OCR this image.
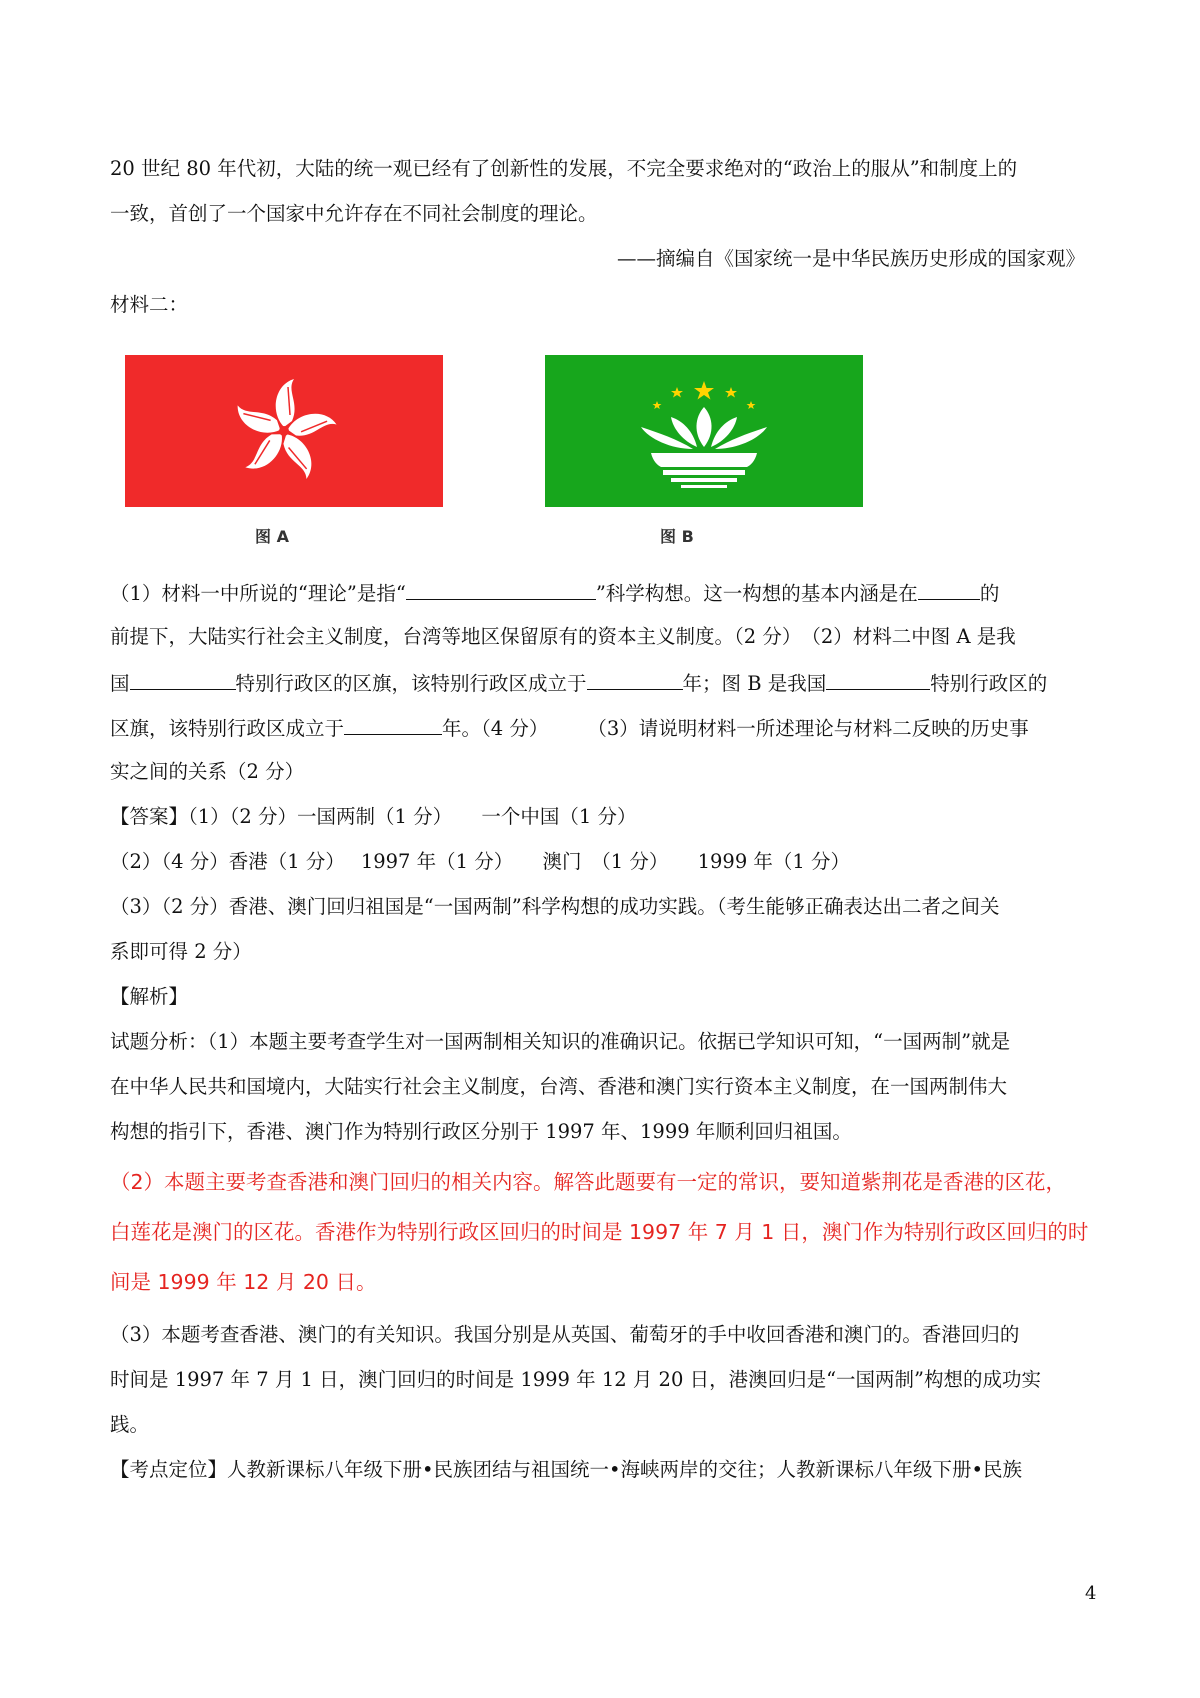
20 世纪 80 年代初，大陆的统一观已经有了创新性的发展，不完全要求绝对的“政治上的服从”和制度上的
一致，首创了一个国家中允许存在不同社会制度的理论。
——摘编自《国家统一是中华民族历史形成的国家观》
材料二：
图 A	图 B
（1）材料一中所说的“理论”是指“	”科学构想。这一构想的基本内涵是在	的
前提下，大陆实行社会主义制度，台湾等地区保留原有的资本主义制度。（2 分）　（2）材料二中图 A 是我
国	特别行政区的区旗，该特别行政区成立于	年；图 B 是我国	特别行政区的
区旗，该特别行政区成立于	年。（4 分）　　　（3）请说明材料一所述理论与材料二反映的历史事
实之间的关系（2 分）
【答案】（1）（2 分）一国两制（1 分）　　一个中国（1 分）
（2）（4 分）香港（1 分）　 1997 年（1 分）　　澳门　（1 分）　　1999 年（1 分）
（3）（2 分）香港、澳门回归祖国是“一国两制”科学构想的成功实践。（考生能够正确表达出二者之间关
系即可得 2 分）
【解析】
试题分析：（1）本题主要考查学生对一国两制相关知识的准确识记。依据已学知识可知，“一国两制”就是
在中华人民共和国境内，大陆实行社会主义制度，台湾、香港和澳门实行资本主义制度，在一国两制伟大
构想的指引下，香港、澳门作为特别行政区分别于 1997 年、1999 年顺利回归祖国。
（2）本题主要考查香港和澳门回归的相关内容。解答此题要有一定的常识，要知道紫荆花是香港的区花，
白莲花是澳门的区花。香港作为特别行政区回归的时间是 1997 年 7 月 1 日，澳门作为特别行政区回归的时
间是 1999 年 12 月 20 日。
（3）本题考查香港、澳门的有关知识。我国分别是从英国、葡萄牙的手中收回香港和澳门的。香港回归的
时间是 1997 年 7 月 1 日，澳门回归的时间是 1999 年 12 月 20 日，港澳回归是“一国两制”构想的成功实
践。
【考点定位】人教新课标八年级下册•民族团结与祖国统一•海峡两岸的交往；人教新课标八年级下册•民族
4
